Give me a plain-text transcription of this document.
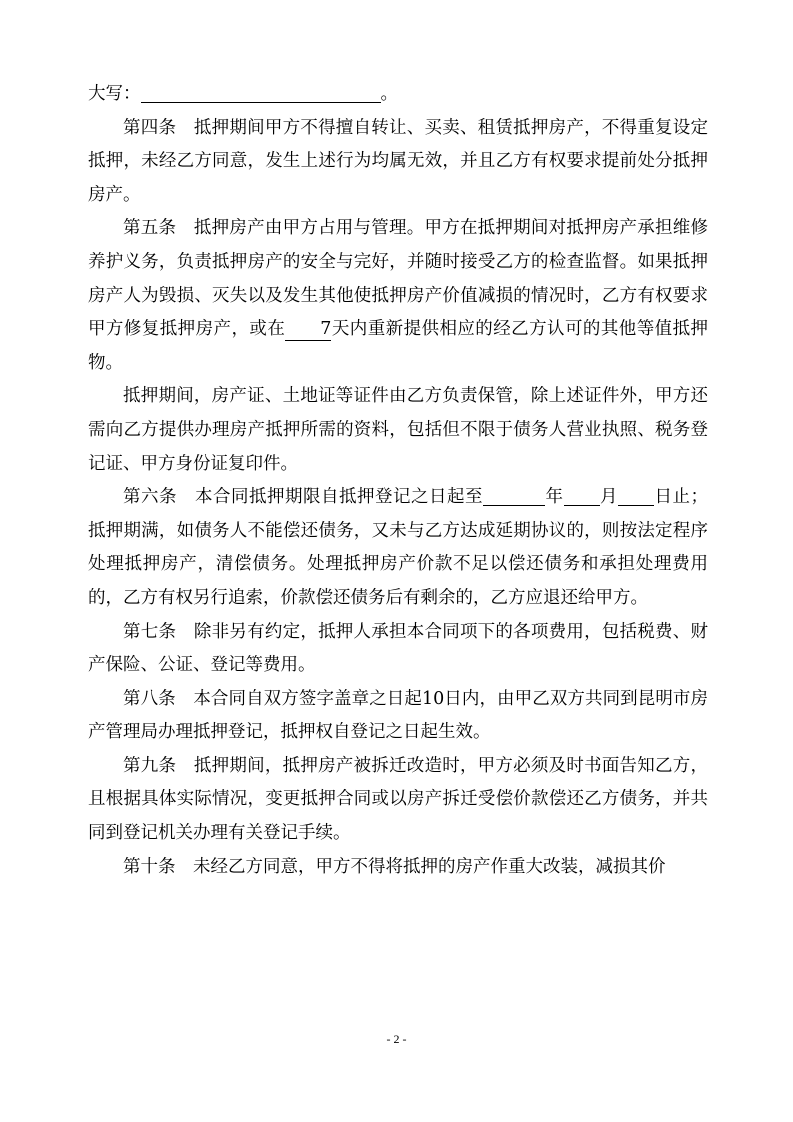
大写：	。

第四条　抵押期间甲方不得擅自转让、买卖、租赁抵押房产，不得重复设定抵押，未经乙方同意，发生上述行为均属无效，并且乙方有权要求提前处分抵押房产。

第五条　抵押房产由甲方占用与管理。甲方在抵押期间对抵押房产承担维修养护义务，负责抵押房产的安全与完好，并随时接受乙方的检查监督。如果抵押房产人为毁损、灭失以及发生其他使抵押房产价值减损的情况时，乙方有权要求甲方修复抵押房产，或在 7天内重新提供相应的经乙方认可的其他等值抵押物。

抵押期间，房产证、土地证等证件由乙方负责保管，除上述证件外，甲方还需向乙方提供办理房产抵押所需的资料，包括但不限于债务人营业执照、税务登记证、甲方身份证复印件。

第六条　本合同抵押期限自抵押登记之日起至	年 月 日止；抵押期满，如债务人不能偿还债务，又未与乙方达成延期协议的，则按法定程序处理抵押房产，清偿债务。处理抵押房产价款不足以偿还债务和承担处理费用的，乙方有权另行追索，价款偿还债务后有剩余的，乙方应退还给甲方。

第七条　除非另有约定，抵押人承担本合同项下的各项费用，包括税费、财产保险、公证、登记等费用。

第八条　本合同自双方签字盖章之日起10日内，由甲乙双方共同到昆明市房产管理局办理抵押登记，抵押权自登记之日起生效。

第九条　抵押期间，抵押房产被拆迁改造时，甲方必须及时书面告知乙方，且根据具体实际情况，变更抵押合同或以房产拆迁受偿价款偿还乙方债务，并共同到登记机关办理有关登记手续。

第十条　未经乙方同意，甲方不得将抵押的房产作重大改装，减损其价

- 2 -
